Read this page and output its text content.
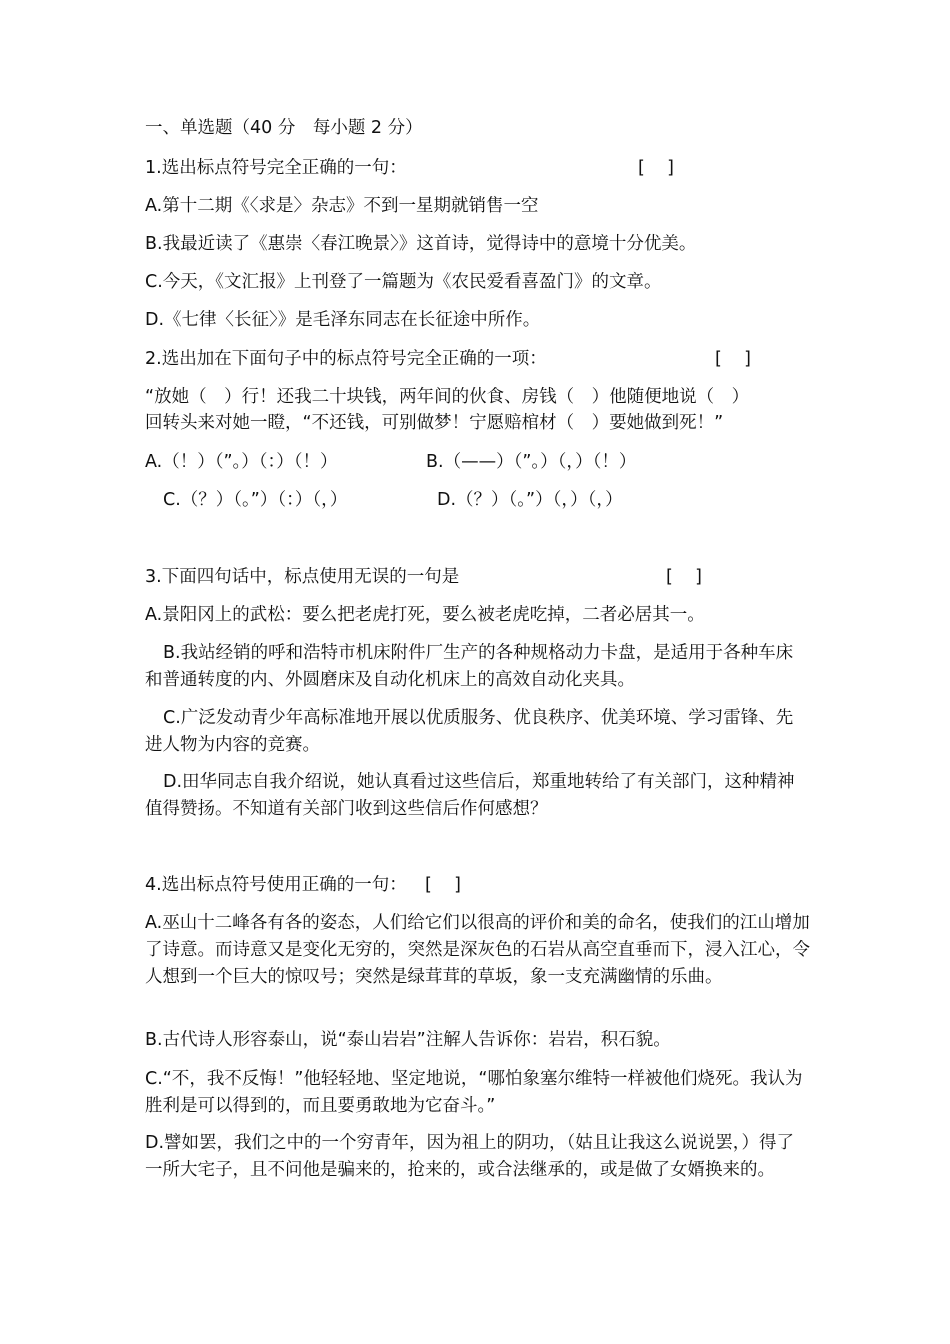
一、单选题（40 分　每小题 2 分）
1.选出标点符号完全正确的一句：	[    ]
A.第十二期《〈求是〉杂志》不到一星期就销售一空
B.我最近读了《惠崇〈春江晚景〉》这首诗，觉得诗中的意境十分优美。
C.今天，《文汇报》上刊登了一篇题为《农民爱看喜盈门》的文章。
D.《七律〈长征〉》是毛泽东同志在长征途中所作。
2.选出加在下面句子中的标点符号完全正确的一项：	[    ]
“放她（　）行！还我二十块钱，两年间的伙食、房钱（　）他随便地说（　）
回转头来对她一瞪，“不还钱，可别做梦！宁愿赔棺材（　）要她做到死！”
A.（！）（”。）（：）（！）	B.（——）（”。）（，）（！）
C.（？）（。”）（：）（，）	D.（？）（。”）（，）（，）
3.下面四句话中，标点使用无误的一句是	[    ]
A.景阳冈上的武松：要么把老虎打死，要么被老虎吃掉，二者必居其一。
B.我站经销的呼和浩特市机床附件厂生产的各种规格动力卡盘，是适用于各种车床和普通转度的内、外圆磨床及自动化机床上的高效自动化夹具。
C.广泛发动青少年高标准地开展以优质服务、优良秩序、优美环境、学习雷锋、先进人物为内容的竞赛。
D.田华同志自我介绍说，她认真看过这些信后，郑重地转给了有关部门，这种精神值得赞扬。不知道有关部门收到这些信后作何感想？
4.选出标点符号使用正确的一句：	[    ]
A.巫山十二峰各有各的姿态，人们给它们以很高的评价和美的命名，使我们的江山增加了诗意。而诗意又是变化无穷的，突然是深灰色的石岩从高空直垂而下，浸入江心，令人想到一个巨大的惊叹号；突然是绿茸茸的草坂，象一支充满幽情的乐曲。
B.古代诗人形容泰山，说“泰山岩岩”注解人告诉你：岩岩，积石貌。
C.“不，我不反悔！”他轻轻地、坚定地说，“哪怕象塞尔维特一样被他们烧死。我认为胜利是可以得到的，而且要勇敢地为它奋斗。”
D.譬如罢，我们之中的一个穷青年，因为祖上的阴功，（姑且让我这么说说罢，）得了一所大宅子，且不问他是骗来的，抢来的，或合法继承的，或是做了女婿换来的。
